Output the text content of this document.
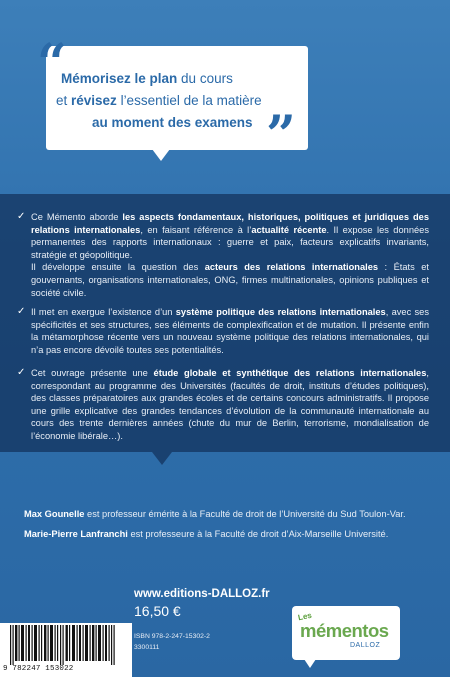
“
”
Mémorisez le plan du cours
et révisez l’essentiel de la matière
au moment des examens
✓ Ce Mémento aborde les aspects fondamentaux, historiques, politiques et juridiques des relations internationales, en faisant référence à l’actualité récente. Il expose les données permanentes des rapports internationaux : guerre et paix, facteurs explicatifs invariants, stratégie et géopolitique.
Il développe ensuite la question des acteurs des relations internationales : États et gouvernants, organisations internationales, ONG, firmes multinationales, opinions publiques et société civile.
✓ Il met en exergue l’existence d’un système politique des relations internationales, avec ses spécificités et ses structures, ses éléments de complexification et de mutation. Il présente enfin la métamorphose récente vers un nouveau système politique des relations internationales, qui n’a pas encore dévoilé toutes ses potentialités.
✓ Cet ouvrage présente une étude globale et synthétique des relations internationales, correspondant au programme des Universités (facultés de droit, instituts d’études politiques), des classes préparatoires aux grandes écoles et de certains concours administratifs. Il propose une grille explicative des grandes tendances d’évolution de la communauté internationale au cours des trente dernières années (chute du mur de Berlin, terrorisme, mondialisation de l’économie libérale…).
Max Gounelle est professeur émérite à la Faculté de droit de l’Université du Sud Toulon-Var.
Marie-Pierre Lanfranchi est professeure à la Faculté de droit d’Aix-Marseille Université.
www.editions-DALLOZ.fr
16,50 €
9 782247 153022
ISBN 978-2-247-15302-2
3300111
Les
mémentos
DALLOZ
